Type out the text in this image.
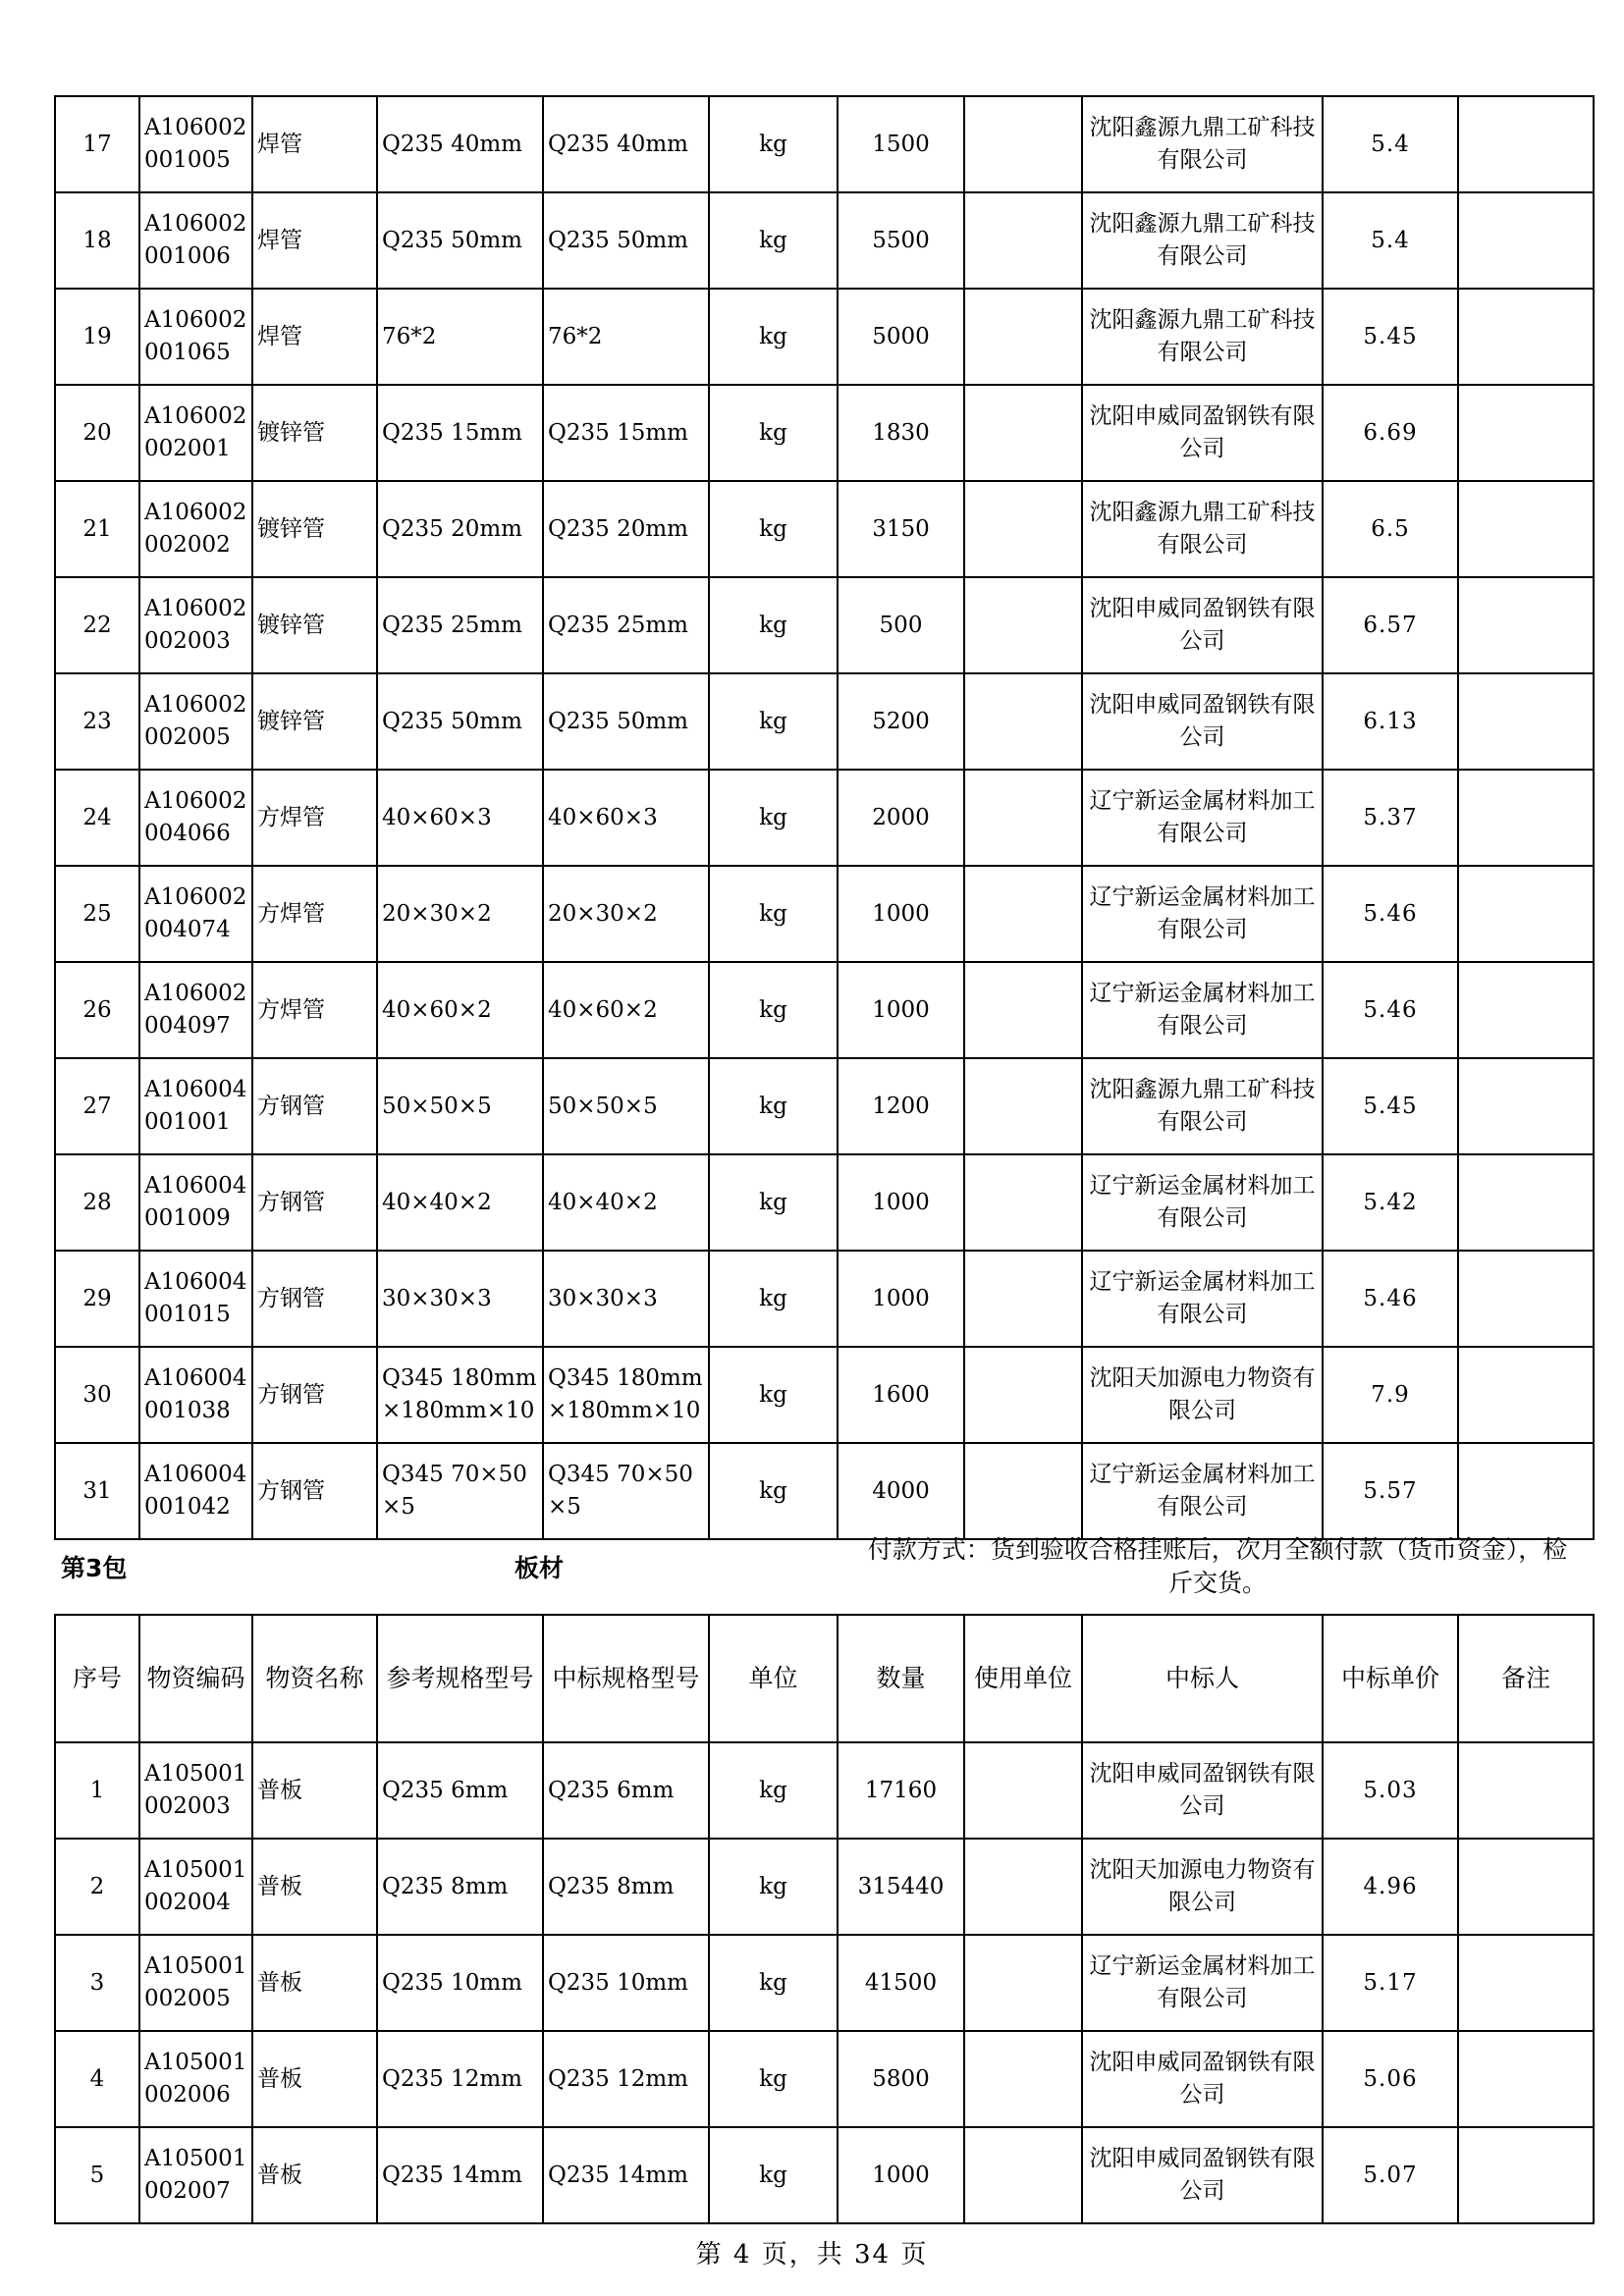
17	A106002001005	焊管	Q235 40mm	Q235 40mm	kg	1500		沈阳鑫源九鼎工矿科技有限公司	5.4	
18	A106002001006	焊管	Q235 50mm	Q235 50mm	kg	5500		沈阳鑫源九鼎工矿科技有限公司	5.4	
19	A106002001065	焊管	76*2	76*2	kg	5000		沈阳鑫源九鼎工矿科技有限公司	5.45	
20	A106002002001	镀锌管	Q235 15mm	Q235 15mm	kg	1830		沈阳申威同盈钢铁有限公司	6.69	
21	A106002002002	镀锌管	Q235 20mm	Q235 20mm	kg	3150		沈阳鑫源九鼎工矿科技有限公司	6.5	
22	A106002002003	镀锌管	Q235 25mm	Q235 25mm	kg	500		沈阳申威同盈钢铁有限公司	6.57	
23	A106002002005	镀锌管	Q235 50mm	Q235 50mm	kg	5200		沈阳申威同盈钢铁有限公司	6.13	
24	A106002004066	方焊管	40×60×3	40×60×3	kg	2000		辽宁新运金属材料加工有限公司	5.37	
25	A106002004074	方焊管	20×30×2	20×30×2	kg	1000		辽宁新运金属材料加工有限公司	5.46	
26	A106002004097	方焊管	40×60×2	40×60×2	kg	1000		辽宁新运金属材料加工有限公司	5.46	
27	A106004001001	方钢管	50×50×5	50×50×5	kg	1200		沈阳鑫源九鼎工矿科技有限公司	5.45	
28	A106004001009	方钢管	40×40×2	40×40×2	kg	1000		辽宁新运金属材料加工有限公司	5.42	
29	A106004001015	方钢管	30×30×3	30×30×3	kg	1000		辽宁新运金属材料加工有限公司	5.46	
30	A106004001038	方钢管	Q345 180mm×180mm×10	Q345 180mm×180mm×10	kg	1600		沈阳天加源电力物资有限公司	7.9	
31	A106004001042	方钢管	Q345 70×50×5	Q345 70×50×5	kg	4000		辽宁新运金属材料加工有限公司	5.57	
第3包	板材
付款方式：货到验收合格挂账后，次月全额付款（货币资金），检斤交货。
序号	物资编码	物资名称	参考规格型号	中标规格型号	单位	数量	使用单位	中标人	中标单价	备注
1	A105001002003	普板	Q235 6mm	Q235 6mm	kg	17160		沈阳申威同盈钢铁有限公司	5.03	
2	A105001002004	普板	Q235 8mm	Q235 8mm	kg	315440		沈阳天加源电力物资有限公司	4.96	
3	A105001002005	普板	Q235 10mm	Q235 10mm	kg	41500		辽宁新运金属材料加工有限公司	5.17	
4	A105001002006	普板	Q235 12mm	Q235 12mm	kg	5800		沈阳申威同盈钢铁有限公司	5.06	
5	A105001002007	普板	Q235 14mm	Q235 14mm	kg	1000		沈阳申威同盈钢铁有限公司	5.07	
第 4 页，共 34 页
